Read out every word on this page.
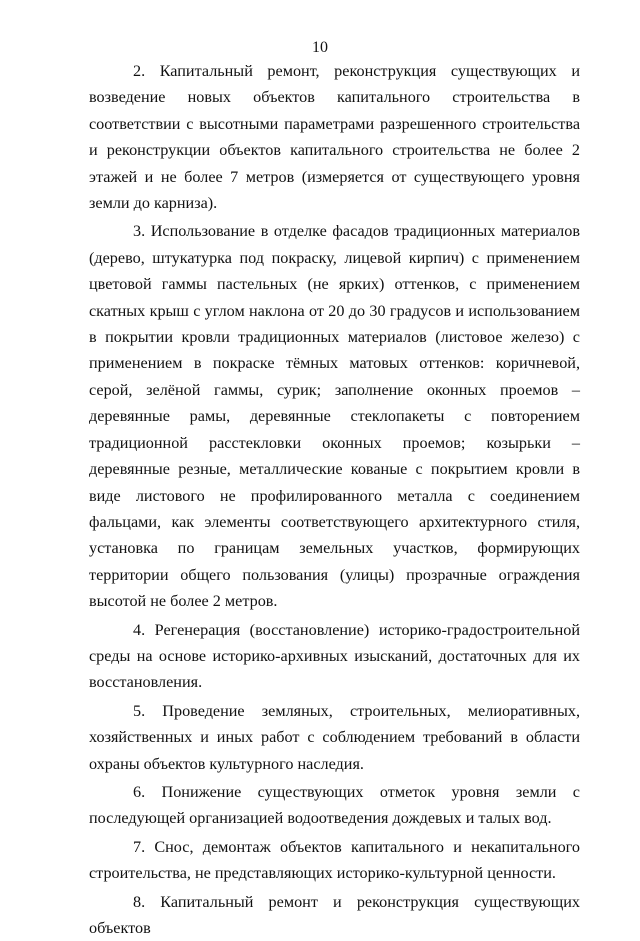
10

2. Капитальный ремонт, реконструкция существующих и возведение новых объектов капитального строительства в соответствии с высотными параметрами разрешенного строительства и реконструкции объектов капитального строительства не более 2 этажей и не более 7 метров (измеряется от существующего уровня земли до карниза).

3. Использование в отделке фасадов традиционных материалов (дерево, штукатурка под покраску, лицевой кирпич) с применением цветовой гаммы пастельных (не ярких) оттенков, с применением скатных крыш с углом наклона от 20 до 30 градусов и использованием в покрытии кровли традиционных материалов (листовое железо) с применением в покраске тёмных матовых оттенков: коричневой, серой, зелёной гаммы, сурик; заполнение оконных проемов – деревянные рамы, деревянные стеклопакеты с повторением традиционной расстекловки оконных проемов; козырьки – деревянные резные, металлические кованые с покрытием кровли в виде листового не профилированного металла с соединением фальцами, как элементы соответствующего архитектурного стиля, установка по границам земельных участков, формирующих территории общего пользования (улицы) прозрачные ограждения высотой не более 2 метров.

4. Регенерация (восстановление) историко-градостроительной среды на основе историко-архивных изысканий, достаточных для их восстановления.

5. Проведение земляных, строительных, мелиоративных, хозяйственных и иных работ с соблюдением требований в области охраны объектов культурного наследия.

6. Понижение существующих отметок уровня земли с последующей организацией водоотведения дождевых и талых вод.

7. Снос, демонтаж объектов капитального и некапитального строительства, не представляющих историко-культурной ценности.

8. Капитальный ремонт и реконструкция существующих объектов
